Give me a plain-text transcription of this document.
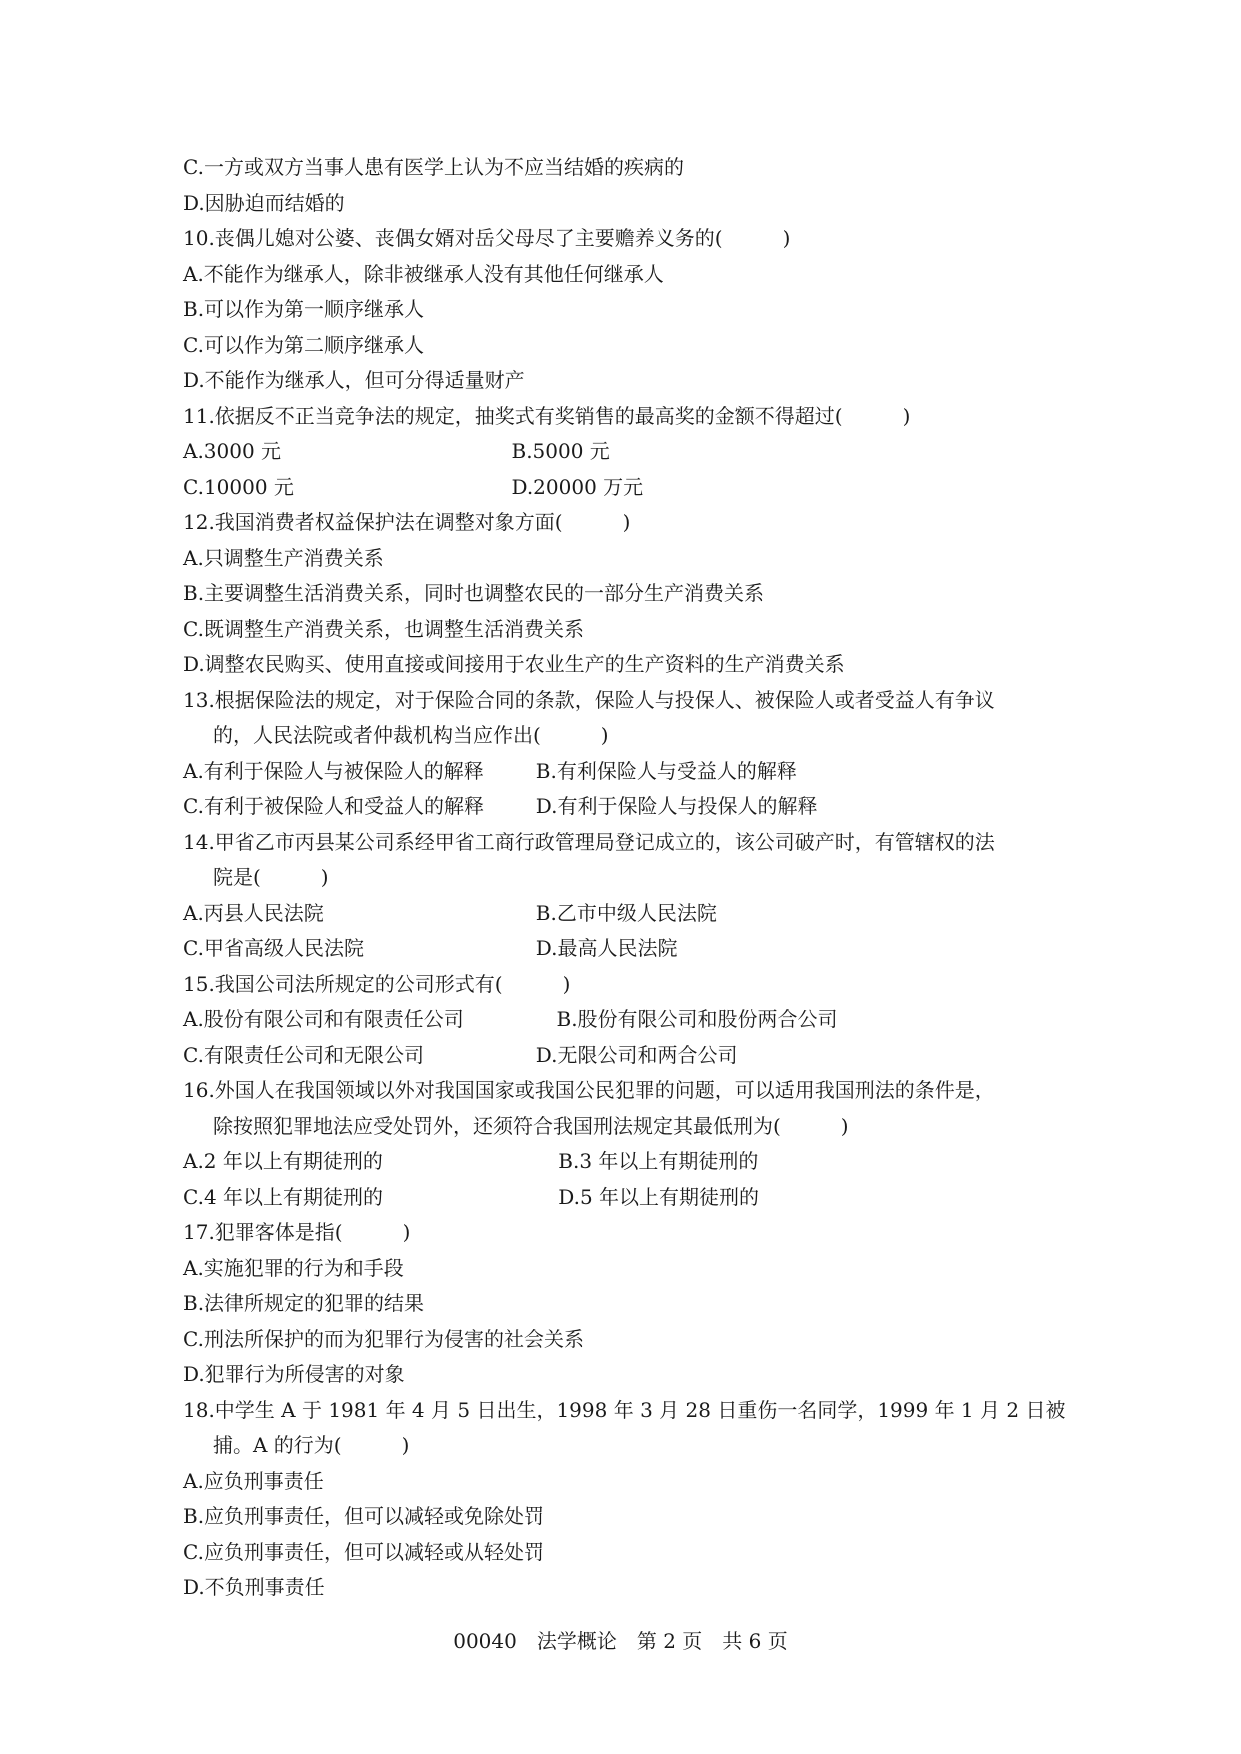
C.一方或双方当事人患有医学上认为不应当结婚的疾病的
D.因胁迫而结婚的
10.丧偶儿媳对公婆、丧偶女婿对岳父母尽了主要赡养义务的(　　　)
A.不能作为继承人，除非被继承人没有其他任何继承人
B.可以作为第一顺序继承人
C.可以作为第二顺序继承人
D.不能作为继承人，但可分得适量财产
11.依据反不正当竞争法的规定，抽奖式有奖销售的最高奖的金额不得超过(　　　)
A.3000 元	B.5000 元
C.10000 元	D.20000 万元
12.我国消费者权益保护法在调整对象方面(　　　)
A.只调整生产消费关系
B.主要调整生活消费关系，同时也调整农民的一部分生产消费关系
C.既调整生产消费关系，也调整生活消费关系
D.调整农民购买、使用直接或间接用于农业生产的生产资料的生产消费关系
13.根据保险法的规定，对于保险合同的条款，保险人与投保人、被保险人或者受益人有争议
的，人民法院或者仲裁机构当应作出(　　　)
A.有利于保险人与被保险人的解释	B.有利保险人与受益人的解释
C.有利于被保险人和受益人的解释	D.有利于保险人与投保人的解释
14.甲省乙市丙县某公司系经甲省工商行政管理局登记成立的，该公司破产时，有管辖权的法
院是(　　　)
A.丙县人民法院	B.乙市中级人民法院
C.甲省高级人民法院	D.最高人民法院
15.我国公司法所规定的公司形式有(　　　)
A.股份有限公司和有限责任公司	B.股份有限公司和股份两合公司
C.有限责任公司和无限公司	D.无限公司和两合公司
16.外国人在我国领域以外对我国国家或我国公民犯罪的问题，可以适用我国刑法的条件是，
除按照犯罪地法应受处罚外，还须符合我国刑法规定其最低刑为(　　　)
A.2 年以上有期徒刑的	B.3 年以上有期徒刑的
C.4 年以上有期徒刑的	D.5 年以上有期徒刑的
17.犯罪客体是指(　　　)
A.实施犯罪的行为和手段
B.法律所规定的犯罪的结果
C.刑法所保护的而为犯罪行为侵害的社会关系
D.犯罪行为所侵害的对象
18.中学生 A 于 1981 年 4 月 5 日出生，1998 年 3 月 28 日重伤一名同学，1999 年 1 月 2 日被
捕。A 的行为(　　　)
A.应负刑事责任
B.应负刑事责任，但可以减轻或免除处罚
C.应负刑事责任，但可以减轻或从轻处罚
D.不负刑事责任
00040　法学概论　第 2 页　共 6 页
